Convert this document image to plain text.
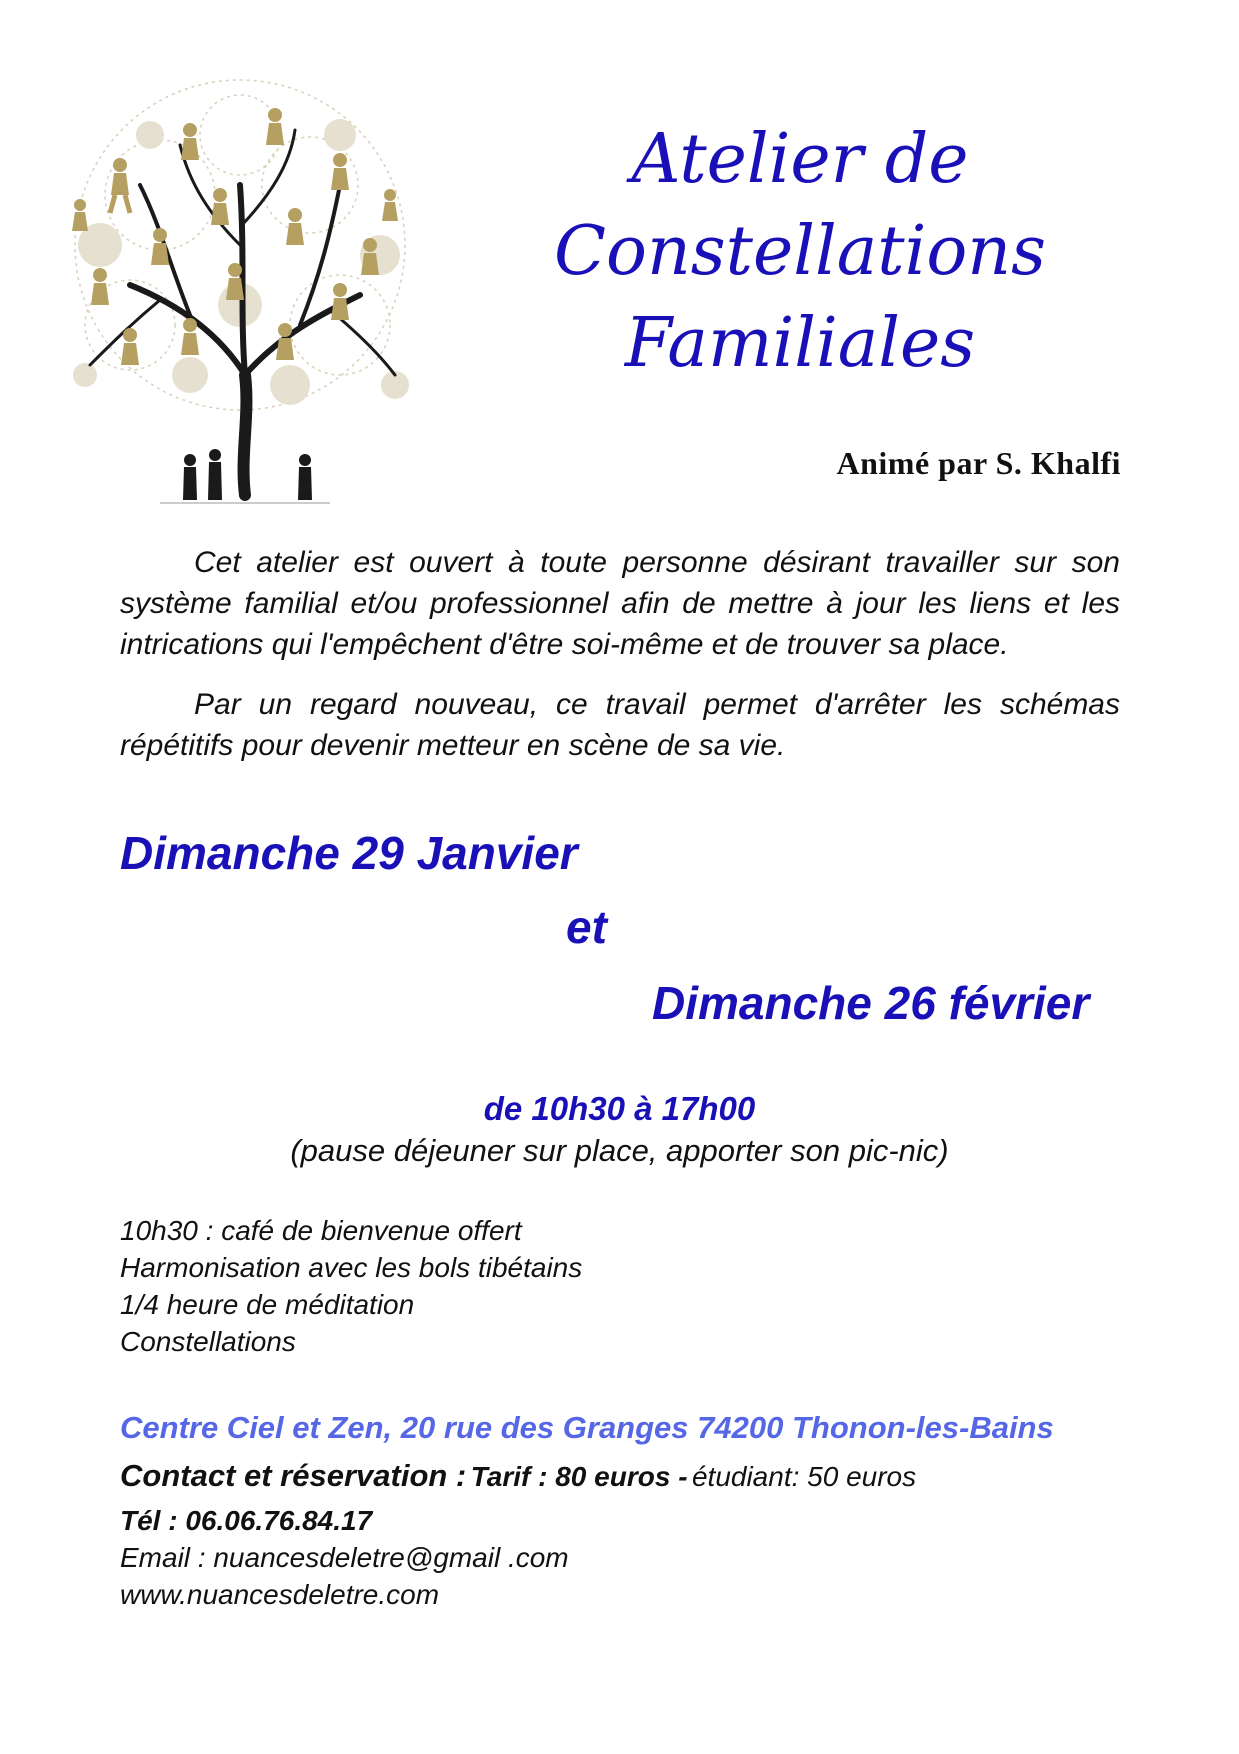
Atelier de
Constellations
Familiales
Animé par S. Khalfi
Cet atelier est ouvert à toute personne désirant travailler sur son système familial et/ou professionnel afin de mettre à jour les liens et les intrications qui l'empêchent d'être soi-même et de trouver sa place.
Par un regard nouveau, ce travail permet d'arrêter les schémas répétitifs pour devenir metteur en scène de sa vie.
Dimanche 29 Janvier
et
Dimanche 26 février
de 10h30 à 17h00
(pause déjeuner sur place, apporter son pic-nic)
10h30 : café de bienvenue offert
Harmonisation avec les bols tibétains
1/4 heure de méditation
Constellations
Centre Ciel et Zen, 20 rue des Granges 74200 Thonon-les-Bains
Contact et réservation : Tarif : 80 euros - étudiant: 50 euros
Tél : 06.06.76.84.17
Email : nuancesdeletre@gmail .com
www.nuancesdeletre.com
